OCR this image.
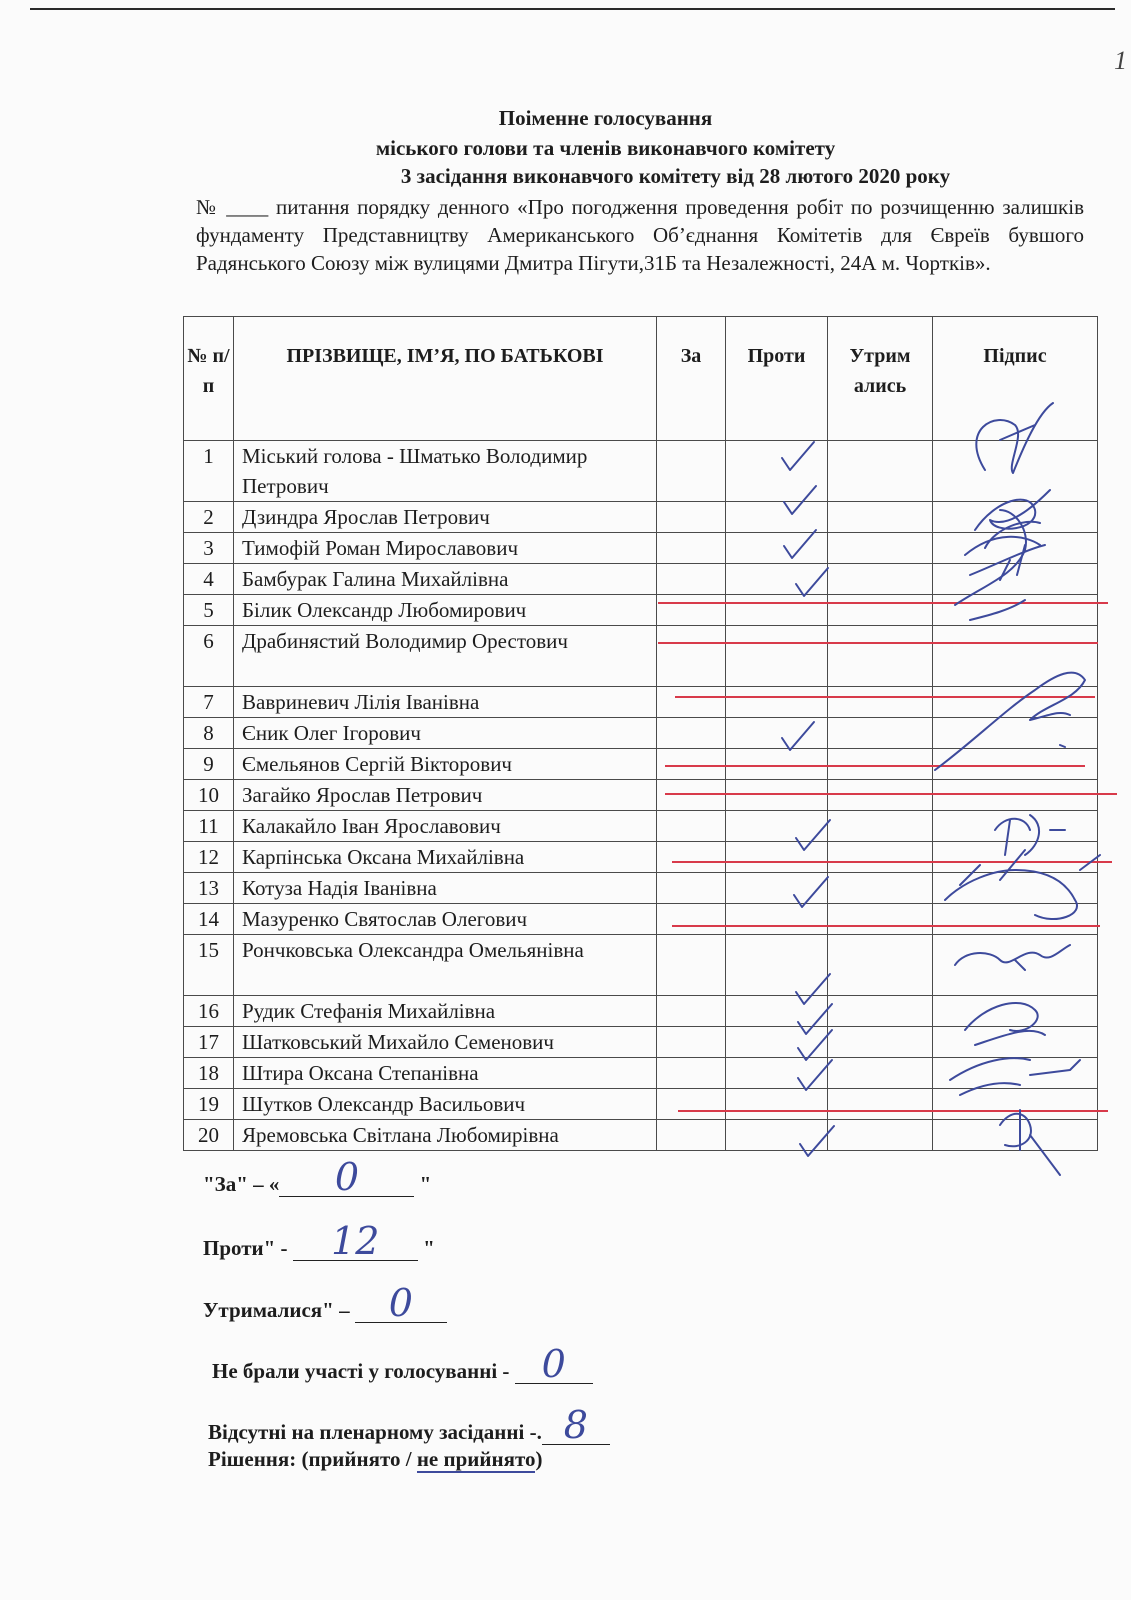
1
Поіменне голосування
міського голови та членів виконавчого комітету
3 засідання виконавчого комітету від 28 лютого 2020 року
№ ____ питання порядку денного «Про погодження проведення робіт по розчищенню залишків фундаменту Представництву Американського Об’єднання Комітетів для Євреїв бувшого Радянського Союзу між вулицями Дмитра Пігути,31Б та Незалежності, 24А м. Чортків».
№ п/п	ПРІЗВИЩЕ, ІМ’Я, ПО БАТЬКОВІ	За	Проти	Утрим ались	Підпис
1	Міський голова - Шматько Володимир Петрович				
2	Дзиндра Ярослав Петрович				
3	Тимофій Роман Мирославович				
4	Бамбурак Галина Михайлівна				
5	Білик Олександр Любомирович				
6	Драбинястий Володимир Орестович				
7	Вавриневич Лілія Іванівна				
8	Єник Олег Ігорович				
9	Ємельянов Сергій Вікторович				
10	Загайко Ярослав Петрович				
11	Калакайло Іван Ярославович				
12	Карпінська Оксана Михайлівна				
13	Котуза Надія Іванівна				
14	Мазуренко Святослав Олегович				
15	Рончковська Олександра Омельянівна				
16	Рудик Стефанія Михайлівна				
17	Шатковський Михайло Семенович				
18	Штира Оксана Степанівна				
19	Шутков Олександр Васильович				
20	Яремовська Світлана Любомирівна				
"За" – «	0	"
Проти" -	12	"
Утрималися" – 0
Не брали участі у голосуванні - 0
Відсутні на пленарному засіданні -. 8
Рішення: (прийнято / не прийнято)
